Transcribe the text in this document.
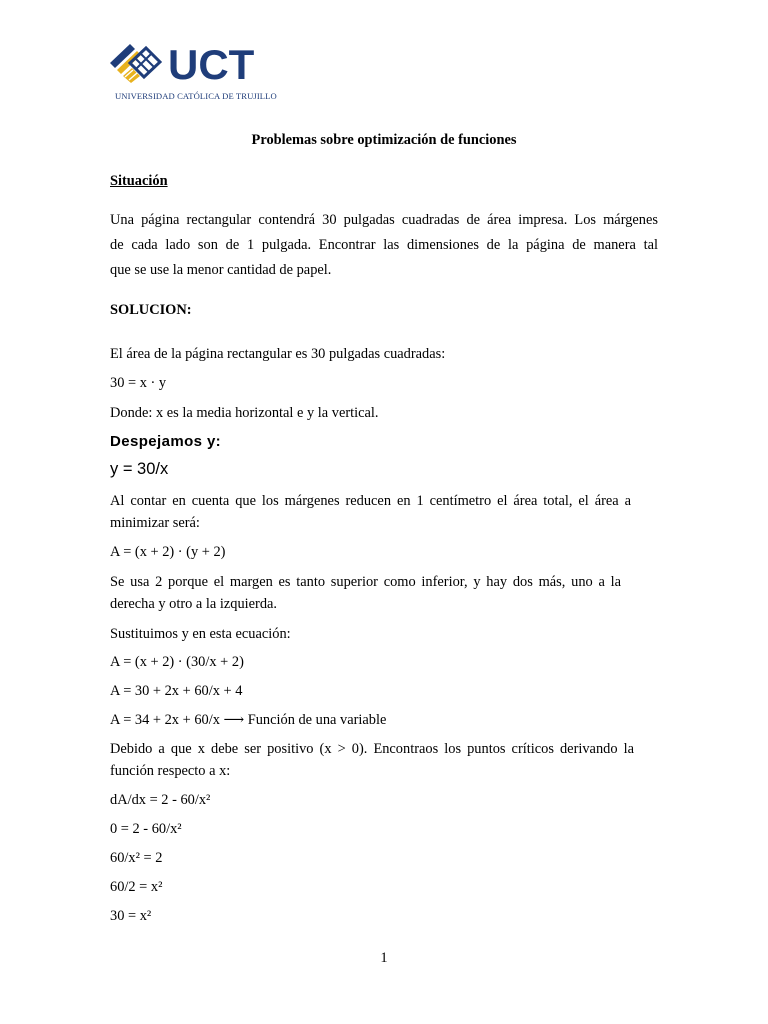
UCT
UNIVERSIDAD CATÓLICA DE TRUJILLO
Problemas sobre optimización de funciones
Situación
Una página rectangular contendrá 30 pulgadas cuadradas de área impresa. Los márgenes
de cada lado son de 1 pulgada. Encontrar las dimensiones de la página de manera tal
que se use la menor cantidad de papel.
SOLUCION:
El área de la página rectangular es 30 pulgadas cuadradas:
30 = x · y
Donde: x es la media horizontal e y la vertical.
Despejamos y:
y = 30/x
Al contar en cuenta que los márgenes reducen en 1 centímetro el área total, el área a
minimizar será:
A = (x + 2) · (y + 2)
Se usa 2 porque el margen es tanto superior como inferior, y hay dos más, uno a la
derecha y otro a la izquierda.
Sustituimos y en esta ecuación:
A = (x + 2) · (30/x + 2)
A = 30 + 2x + 60/x + 4
A = 34 + 2x + 60/x ⟶ Función de una variable
Debido a que x debe ser positivo (x > 0). Encontraos los puntos críticos derivando la
función respecto a x:
dA/dx = 2 - 60/x²
0 = 2 - 60/x²
60/x² = 2
60/2 = x²
30 = x²
1
